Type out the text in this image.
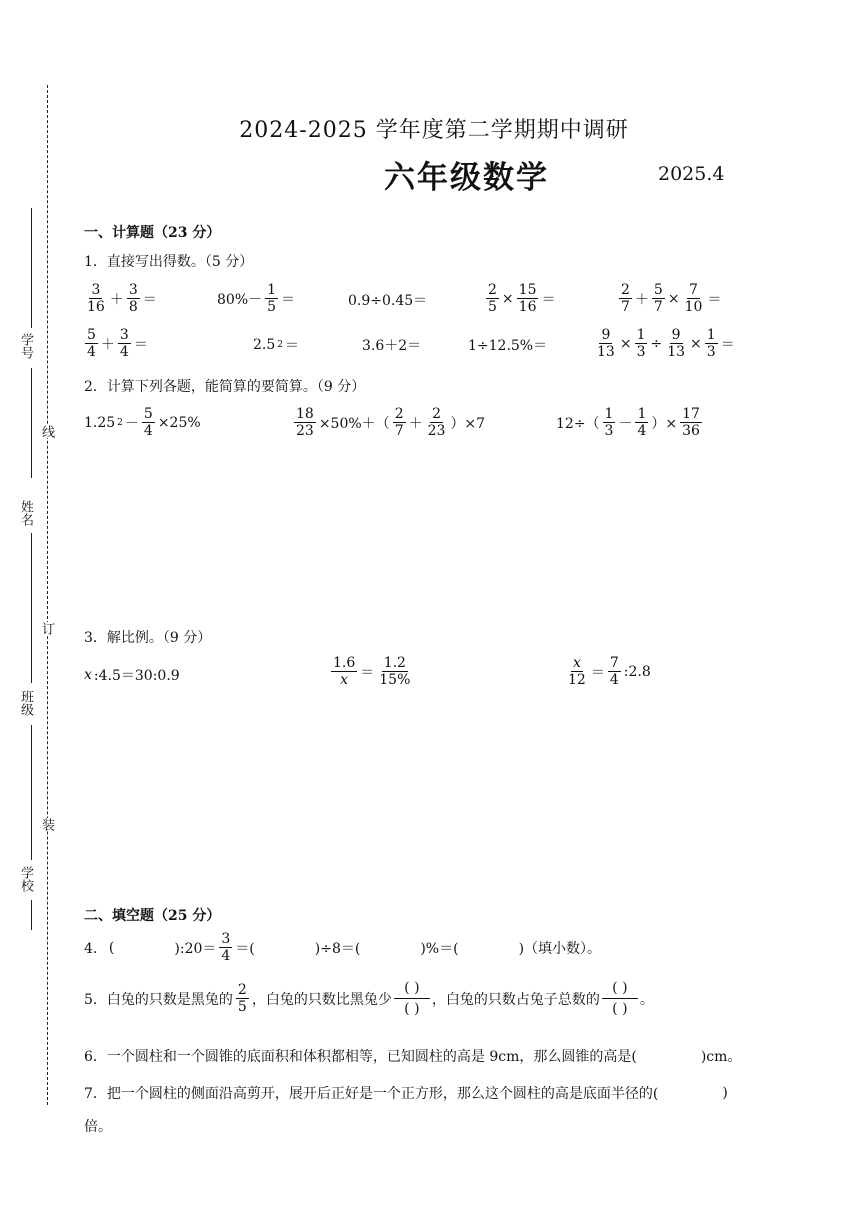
学号
姓名
班级
学校
线
订
装
2024-2025 学年度第二学期期中调研
六年级数学	2025.4
一、计算题（23 分）
1．直接写出得数。（5 分）
$\frac{3}{16} + \frac{3}{8}$ ＝	$80\%- \frac{1}{5}$ ＝	0.9÷0.45＝	$\frac{2}{5} \times \frac{15}{16}$ ＝	$\frac{2}{7} + \frac{5}{7} \times \frac{7}{10}$ ＝
$\frac{5}{4} + \frac{3}{4}$ ＝	2.5 2 ＝	3.6＋2＝	1÷12.5%＝	$\frac{9}{13} \times \frac{1}{3} \div \frac{9}{13} \times \frac{1}{3}$ ＝
2．计算下列各题，能简算的要简算。（9 分）
1.25 $2 - \frac{5}{4} \times 25\%$	$\frac{18}{23} \times 50\%+( \frac{2}{7} + \frac{2}{23} )\times 7$	$12\div( \frac{1}{3} - \frac{1}{4}$ ）× $\frac{17}{36}$
3．解比例。（9 分）
x :4.5＝30:0.9	$\frac{1.6}{x} = \frac{1.2}{15\%}$	$\frac{x}{12} = \frac{7}{4}$ :2.8
二、填空题（25 分）
4． (	):20＝ $\frac{3}{4}$ ＝(	)÷8＝(	)%＝(	)（填小数）。
5．白兔的只数是黑兔的 $\frac{2}{5}$ ，白兔的只数比黑兔少 $\frac{( )}{( )}$ ，白兔的只数占兔子总数的 $\frac{( )}{( )}$ 。
6．一个圆柱和一个圆锥的底面积和体积都相等，已知圆柱的高是 9cm，那么圆锥的高是(	)cm。
7．把一个圆柱的侧面沿高剪开，展开后正好是一个正方形，那么这个圆柱的高是底面半径的(	)
倍。
